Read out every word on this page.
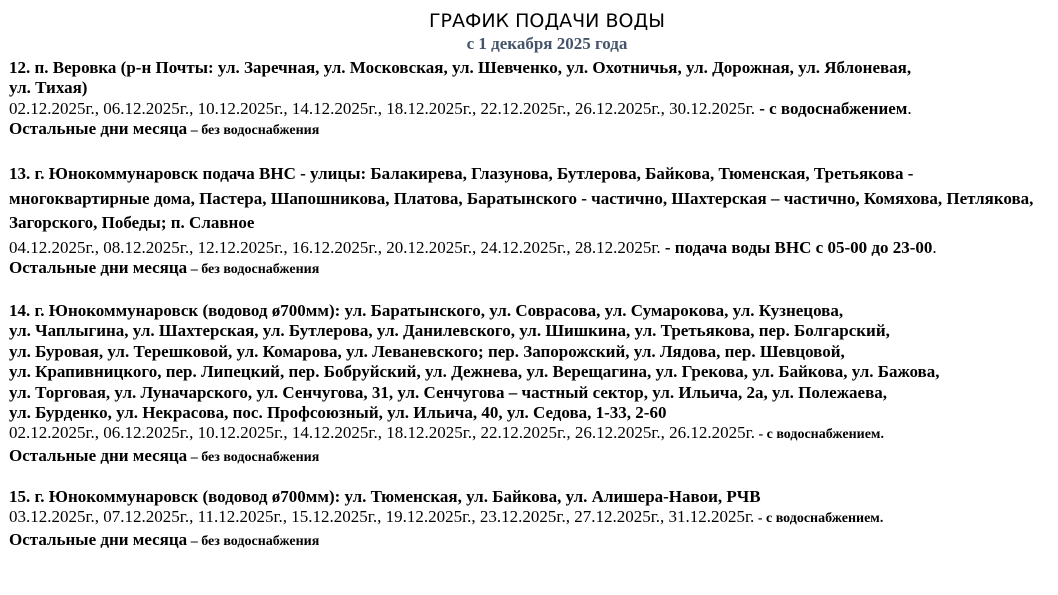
ГРАФИК ПОДАЧИ ВОДЫ
с 1 декабря 2025 года
12. п. Веровка (р-н Почты: ул. Заречная, ул. Московская, ул. Шевченко, ул. Охотничья, ул. Дорожная, ул. Яблоневая,
ул. Тихая)
02.12.2025г., 06.12.2025г., 10.12.2025г., 14.12.2025г., 18.12.2025г., 22.12.2025г., 26.12.2025г., 30.12.2025г. - с водоснабжением.
Остальные дни месяца – без водоснабжения
13. г. Юнокоммунаровск подача ВНС - улицы: Балакирева, Глазунова, Бутлерова, Байкова, Тюменская, Третьякова - многоквартирные дома, Пастера, Шапошникова, Платова, Баратынского - частично, Шахтерская – частично, Комяхова, Петлякова, Загорского, Победы; п. Славное
04.12.2025г., 08.12.2025г., 12.12.2025г., 16.12.2025г., 20.12.2025г., 24.12.2025г., 28.12.2025г. - подача воды ВНС с 05-00 до 23-00.
Остальные дни месяца – без водоснабжения
14. г. Юнокоммунаровск (водовод ø700мм): ул. Баратынского, ул. Соврасова, ул. Сумарокова, ул. Кузнецова,
ул. Чаплыгина, ул. Шахтерская, ул. Бутлерова, ул. Данилевского, ул. Шишкина, ул. Третьякова, пер. Болгарский,
ул. Буровая, ул. Терешковой, ул. Комарова, ул. Леваневского; пер. Запорожский, ул. Лядова, пер. Шевцовой,
ул. Крапивницкого, пер. Липецкий, пер. Бобруйский, ул. Дежнева, ул. Верещагина, ул. Грекова, ул. Байкова, ул. Бажова,
ул. Торговая, ул. Луначарского, ул. Сенчугова, 31, ул. Сенчугова – частный сектор, ул. Ильича, 2а, ул. Полежаева,
ул. Бурденко, ул. Некрасова, пос. Профсоюзный, ул. Ильича, 40, ул. Седова, 1-33, 2-60
02.12.2025г., 06.12.2025г., 10.12.2025г., 14.12.2025г., 18.12.2025г., 22.12.2025г., 26.12.2025г., 26.12.2025г. - с водоснабжением.
Остальные дни месяца – без водоснабжения
15. г. Юнокоммунаровск (водовод ø700мм): ул. Тюменская, ул. Байкова, ул. Алишера-Навои, РЧВ
03.12.2025г., 07.12.2025г., 11.12.2025г., 15.12.2025г., 19.12.2025г., 23.12.2025г., 27.12.2025г., 31.12.2025г. - с водоснабжением.
Остальные дни месяца – без водоснабжения
